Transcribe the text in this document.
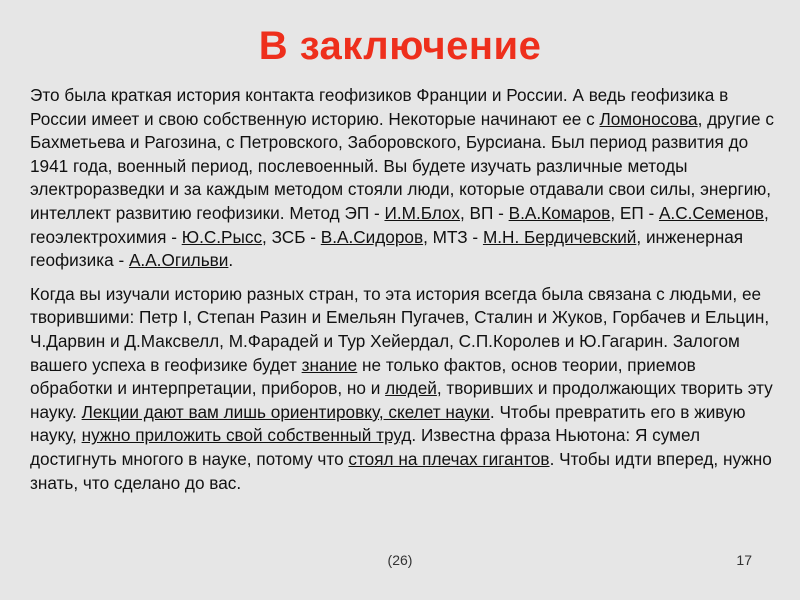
В заключение

Это была краткая история контакта геофизиков Франции и России. А ведь геофизика в России имеет и свою собственную историю. Некоторые начинают ее с Ломоносова, другие с Бахметьева и Рагозина, с Петровского, Заборовского, Бурсиана. Был период развития до 1941 года, военный период, послевоенный. Вы будете изучать различные методы электроразведки и за каждым методом стояли люди, которые отдавали свои силы, энергию, интеллект развитию геофизики. Метод ЭП - И.М.Блох, ВП - В.А.Комаров, ЕП - А.С.Семенов, геоэлектрохимия - Ю.С.Рысс, ЗСБ - В.А.Сидоров, МТЗ - М.Н. Бердичевский, инженерная геофизика - А.А.Огильви.

Когда вы изучали историю разных стран, то эта история всегда была связана с людьми, ее творившими: Петр I, Степан Разин и Емельян Пугачев, Сталин и Жуков, Горбачев и Ельцин, Ч.Дарвин и Д.Максвелл, М.Фарадей и Тур Хейердал, С.П.Королев и Ю.Гагарин. Залогом вашего успеха в геофизике будет знание не только фактов, основ теории, приемов обработки и интерпретации, приборов, но и людей, творивших и продолжающих творить эту науку. Лекции дают вам лишь ориентировку, скелет науки. Чтобы превратить его в живую науку, нужно приложить свой собственный труд. Известна фраза Ньютона: Я сумел достигнуть многого в науке, потому что стоял на плечах гигантов. Чтобы идти вперед, нужно знать, что сделано до вас.

(26)	17
